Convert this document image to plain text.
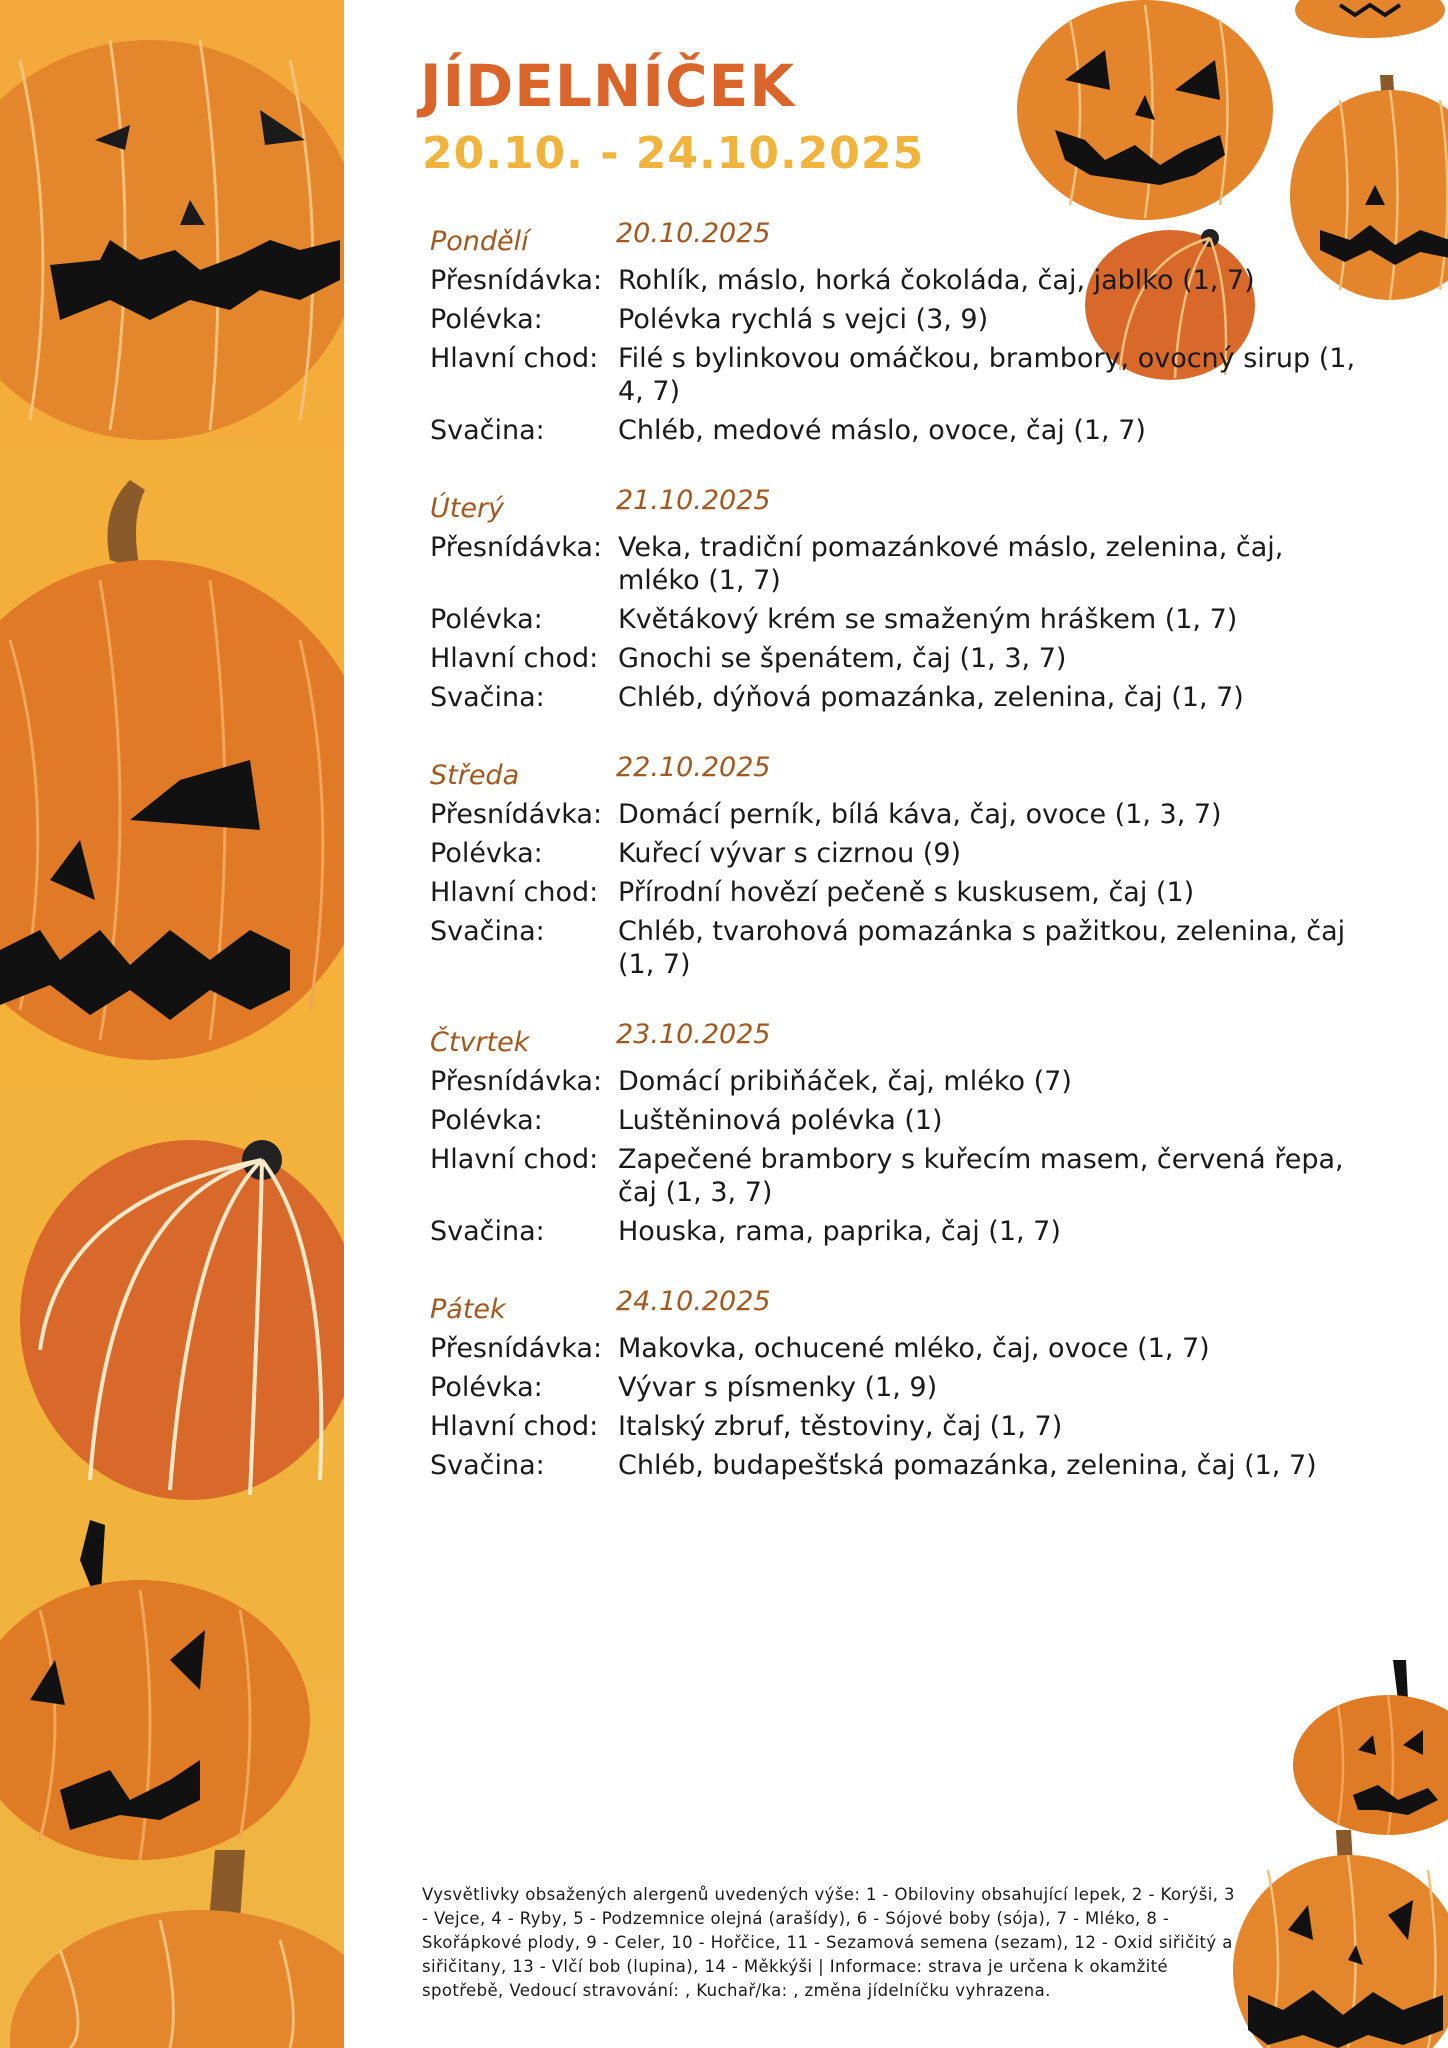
JÍDELNÍČEK
20.10. - 24.10.2025
Pondělí	20.10.2025
Přesnídávka: Rohlík, máslo, horká čokoláda, čaj, jablko (1, 7)
Polévka:	Polévka rychlá s vejci (3, 9)
Hlavní chod: Filé s bylinkovou omáčkou, brambory, ovocný sirup (1, 4, 7)
Svačina:	Chléb, medové máslo, ovoce, čaj (1, 7)
Úterý	21.10.2025
Přesnídávka: Veka, tradiční pomazánkové máslo, zelenina, čaj, mléko (1, 7)
Polévka:	Květákový krém se smaženým hráškem (1, 7)
Hlavní chod: Gnochi se špenátem, čaj (1, 3, 7)
Svačina:	Chléb, dýňová pomazánka, zelenina, čaj (1, 7)
Středa	22.10.2025
Přesnídávka: Domácí perník, bílá káva, čaj, ovoce (1, 3, 7)
Polévka:	Kuřecí vývar s cizrnou (9)
Hlavní chod: Přírodní hovězí pečeně s kuskusem, čaj (1)
Svačina:	Chléb, tvarohová pomazánka s pažitkou, zelenina, čaj (1, 7)
Čtvrtek	23.10.2025
Přesnídávka: Domácí pribiňáček, čaj, mléko (7)
Polévka:	Luštěninová polévka (1)
Hlavní chod: Zapečené brambory s kuřecím masem, červená řepa, čaj (1, 3, 7)
Svačina:	Houska, rama, paprika, čaj (1, 7)
Pátek	24.10.2025
Přesnídávka: Makovka, ochucené mléko, čaj, ovoce (1, 7)
Polévka:	Vývar s písmenky (1, 9)
Hlavní chod: Italský zbruf, těstoviny, čaj (1, 7)
Svačina:	Chléb, budapešťská pomazánka, zelenina, čaj (1, 7)

Vysvětlivky obsažených alergenů uvedených výše: 1 - Obiloviny obsahující lepek, 2 - Korýši, 3 - Vejce, 4 - Ryby, 5 - Podzemnice olejná (arašídy), 6 - Sójové boby (sója), 7 - Mléko, 8 - Skořápkové plody, 9 - Celer, 10 - Hořčice, 11 - Sezamová semena (sezam), 12 - Oxid siřičitý a siřičitany, 13 - Vlčí bob (lupina), 14 - Měkkýši | Informace: strava je určena k okamžité spotřebě, Vedoucí stravování: , Kuchař/ka: , změna jídelníčku vyhrazena.
